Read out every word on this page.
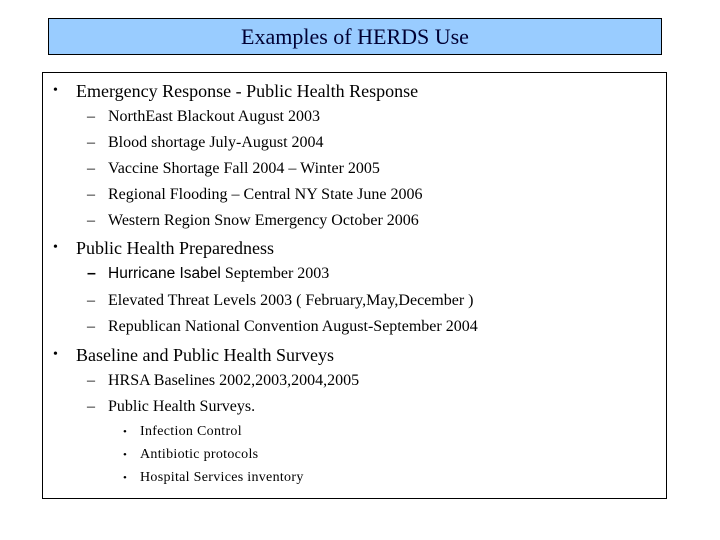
Examples of HERDS Use
• Emergency Response - Public Health Response
– NorthEast Blackout August 2003
– Blood shortage July-August 2004
– Vaccine Shortage Fall 2004 – Winter 2005
– Regional Flooding – Central NY State June 2006
– Western Region Snow Emergency October 2006
• Public Health Preparedness
– Hurricane Isabel September 2003
– Elevated Threat Levels 2003 ( February,May,December )
– Republican National Convention August-September 2004
• Baseline and Public Health Surveys
– HRSA Baselines 2002,2003,2004,2005
– Public Health Surveys.
• Infection Control
• Antibiotic protocols
• Hospital Services inventory
